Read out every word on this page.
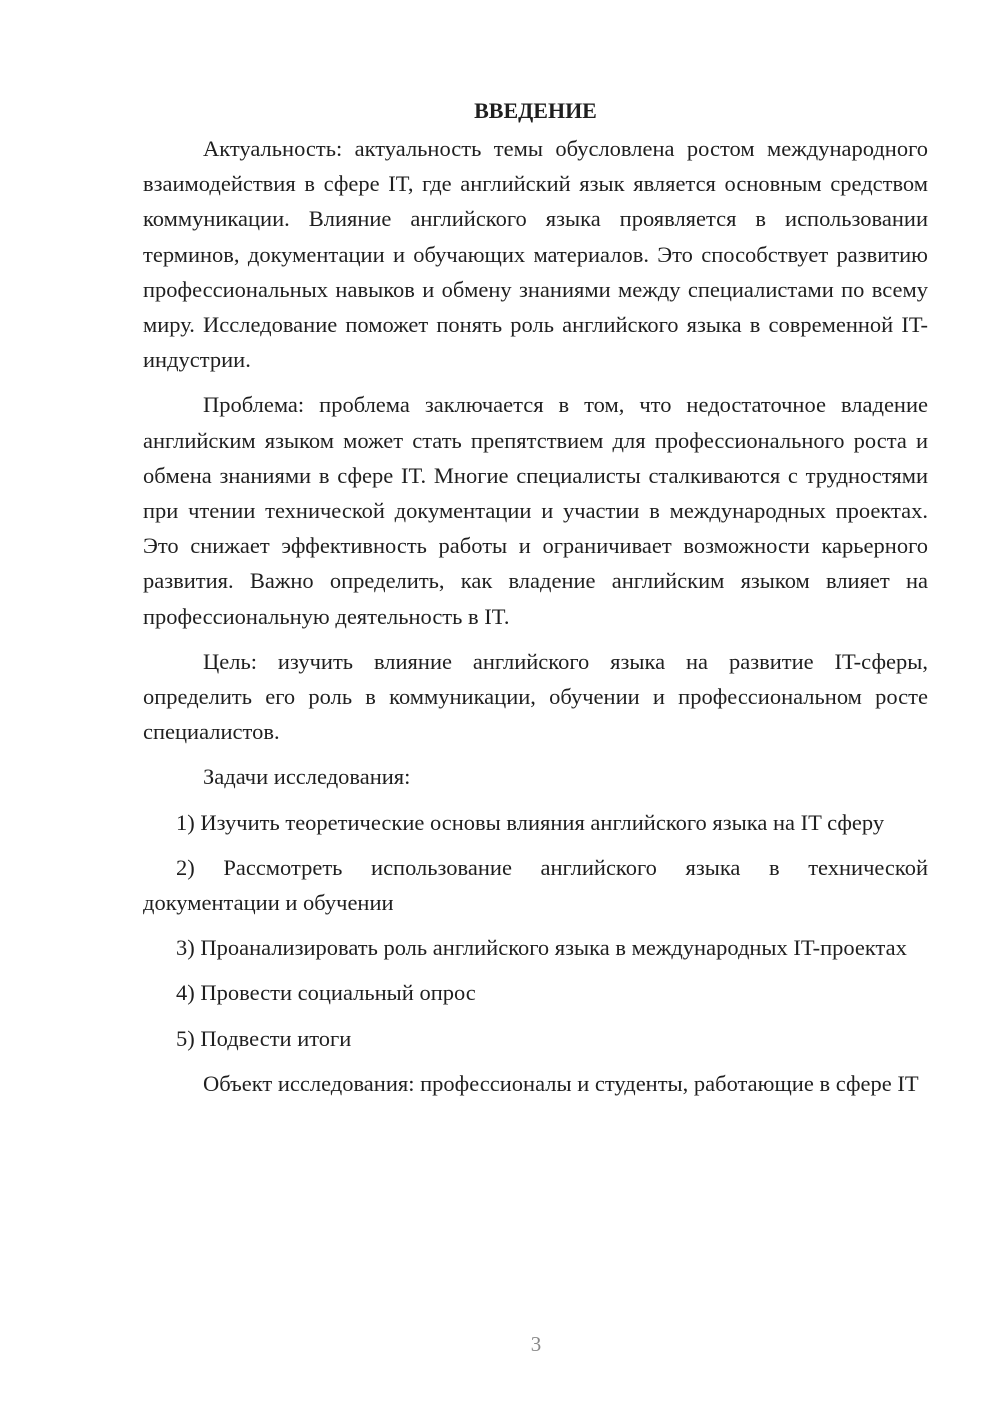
ВВЕДЕНИЕ

Актуальность: актуальность темы обусловлена ростом международного взаимодействия в сфере IT, где английский язык является основным средством коммуникации. Влияние английского языка проявляется в использовании терминов, документации и обучающих материалов. Это способствует развитию профессиональных навыков и обмену знаниями между специалистами по всему миру. Исследование поможет понять роль английского языка в современной IT-индустрии.

Проблема: проблема заключается в том, что недостаточное владение английским языком может стать препятствием для профессионального роста и обмена знаниями в сфере IT. Многие специалисты сталкиваются с трудностями при чтении технической документации и участии в международных проектах. Это снижает эффективность работы и ограничивает возможности карьерного развития. Важно определить, как владение английским языком влияет на профессиональную деятельность в IT.

Цель: изучить влияние английского языка на развитие IT-сферы, определить его роль в коммуникации, обучении и профессиональном росте специалистов.

Задачи исследования:

1) Изучить теоретические основы влияния английского языка на IT сферу

2) Рассмотреть использование английского языка в технической документации и обучении

3) Проанализировать роль английского языка в международных IT-проектах

4) Провести социальный опрос

5) Подвести итоги

Объект исследования: профессионалы и студенты, работающие в сфере IT

3
